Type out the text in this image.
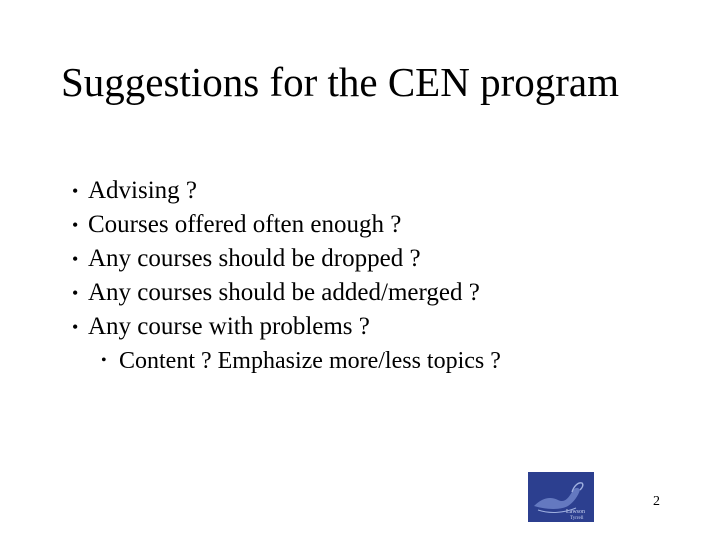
Suggestions for the CEN program
• Advising ?
• Courses offered often enough ?
• Any courses should be dropped ?
• Any courses should be added/merged ?
• Any course with problems ?
• Content ? Emphasize more/less topics ?
Lawson
Tyrrell
2
